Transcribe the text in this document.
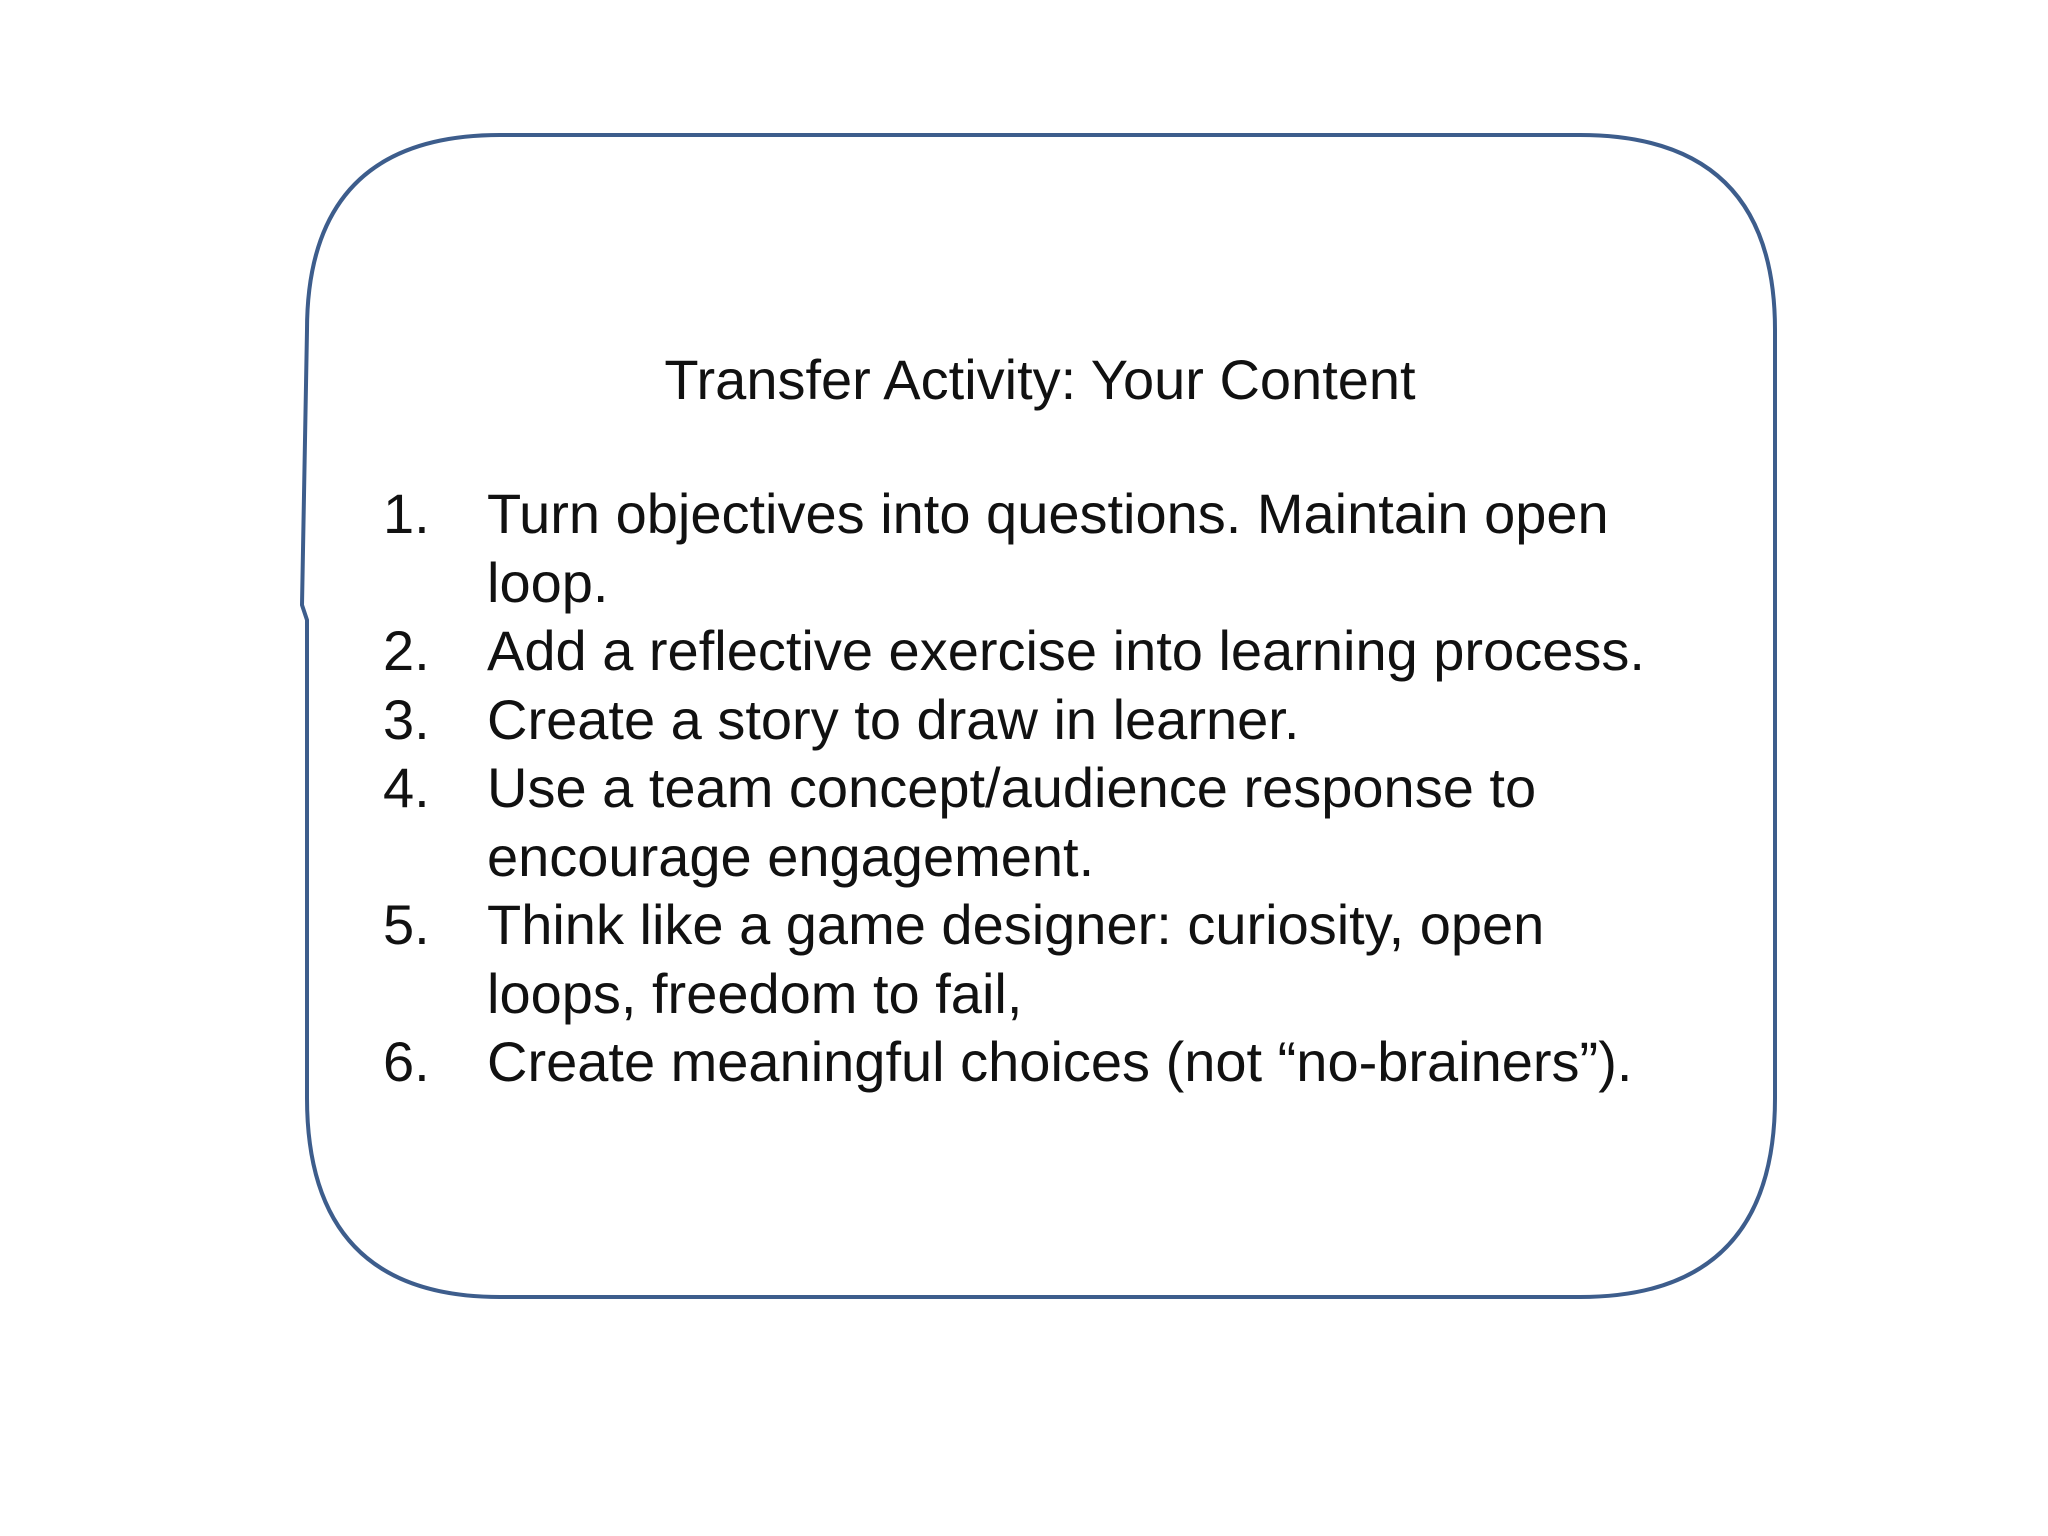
Transfer Activity: Your Content
1. Turn objectives into questions. Maintain open loop.
2. Add a reflective exercise into learning process.
3. Create a story to draw in learner.
4. Use a team concept/audience response to encourage engagement.
5. Think like a game designer: curiosity, open loops, freedom to fail,
6. Create meaningful choices (not “no-brainers”).
